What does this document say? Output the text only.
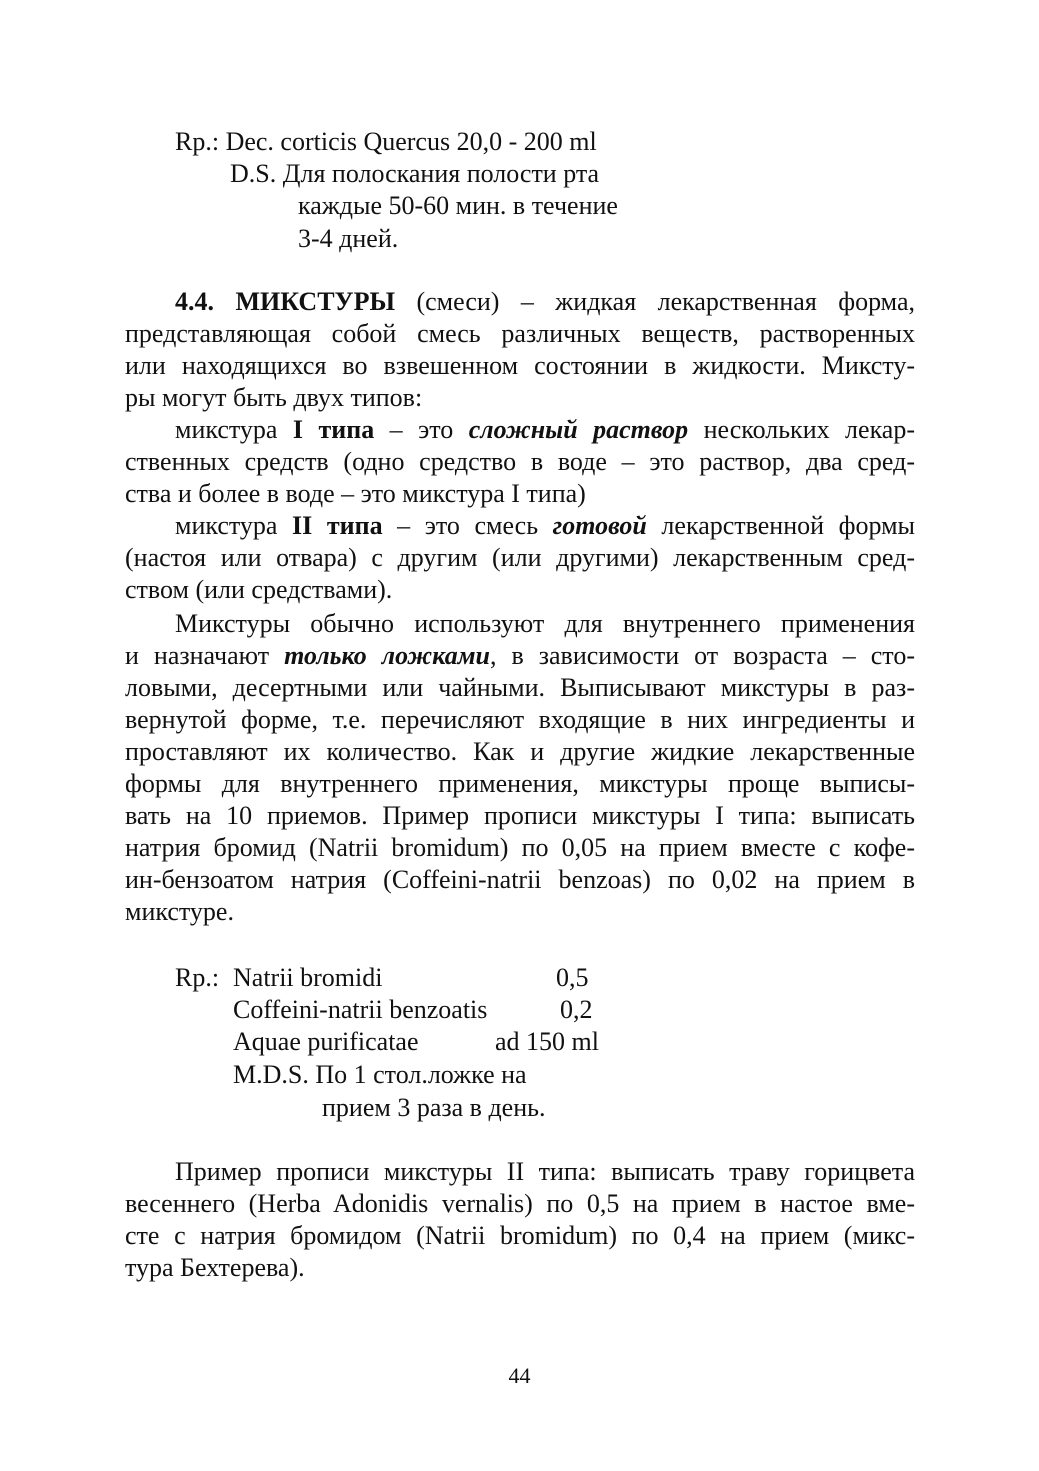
Rp.: Dec. corticis Quercus 20,0 - 200 ml
D.S. Для полоскания полости рта
каждые 50-60 мин. в течение
3-4 дней.
4.4. МИКСТУРЫ (смеси) – жидкая лекарственная форма,
представляющая собой смесь различных веществ, растворенных
или находящихся во взвешенном состоянии в жидкости. Миксту-
ры могут быть двух типов:
микстура I типа – это сложный раствор нескольких лекар-
ственных средств (одно средство в воде – это раствор, два сред-
ства и более в воде – это микстура I типа)
микстура II типа – это смесь готовой лекарственной формы
(настоя или отвара) с другим (или другими) лекарственным сред-
ством (или средствами).
Микстуры обычно используют для внутреннего применения
и назначают только ложками, в зависимости от возраста – сто-
ловыми, десертными или чайными. Выписывают микстуры в раз-
вернутой форме, т.е. перечисляют входящие в них ингредиенты и
проставляют их количество. Как и другие жидкие лекарственные
формы для внутреннего применения, микстуры проще выписы-
вать на 10 приемов. Пример прописи микстуры I типа: выписать
натрия бромид (Natrii bromidum) по 0,05 на прием вместе с кофе-
ин-бензоатом натрия (Coffeini-natrii benzoas) по 0,02 на прием в
микстуре.
Rp.: Natrii bromidi	0,5
Coffeini-natrii benzoatis	0,2
Aquae purificatae	ad 150 ml
M.D.S. По 1 стол.ложке на
прием 3 раза в день.
Пример прописи микстуры II типа: выписать траву горицвета
весеннего (Herba Adonidis vernalis) по 0,5 на прием в настое вме-
сте с натрия бромидом (Natrii bromidum) по 0,4 на прием (микс-
тура Бехтерева).
44
